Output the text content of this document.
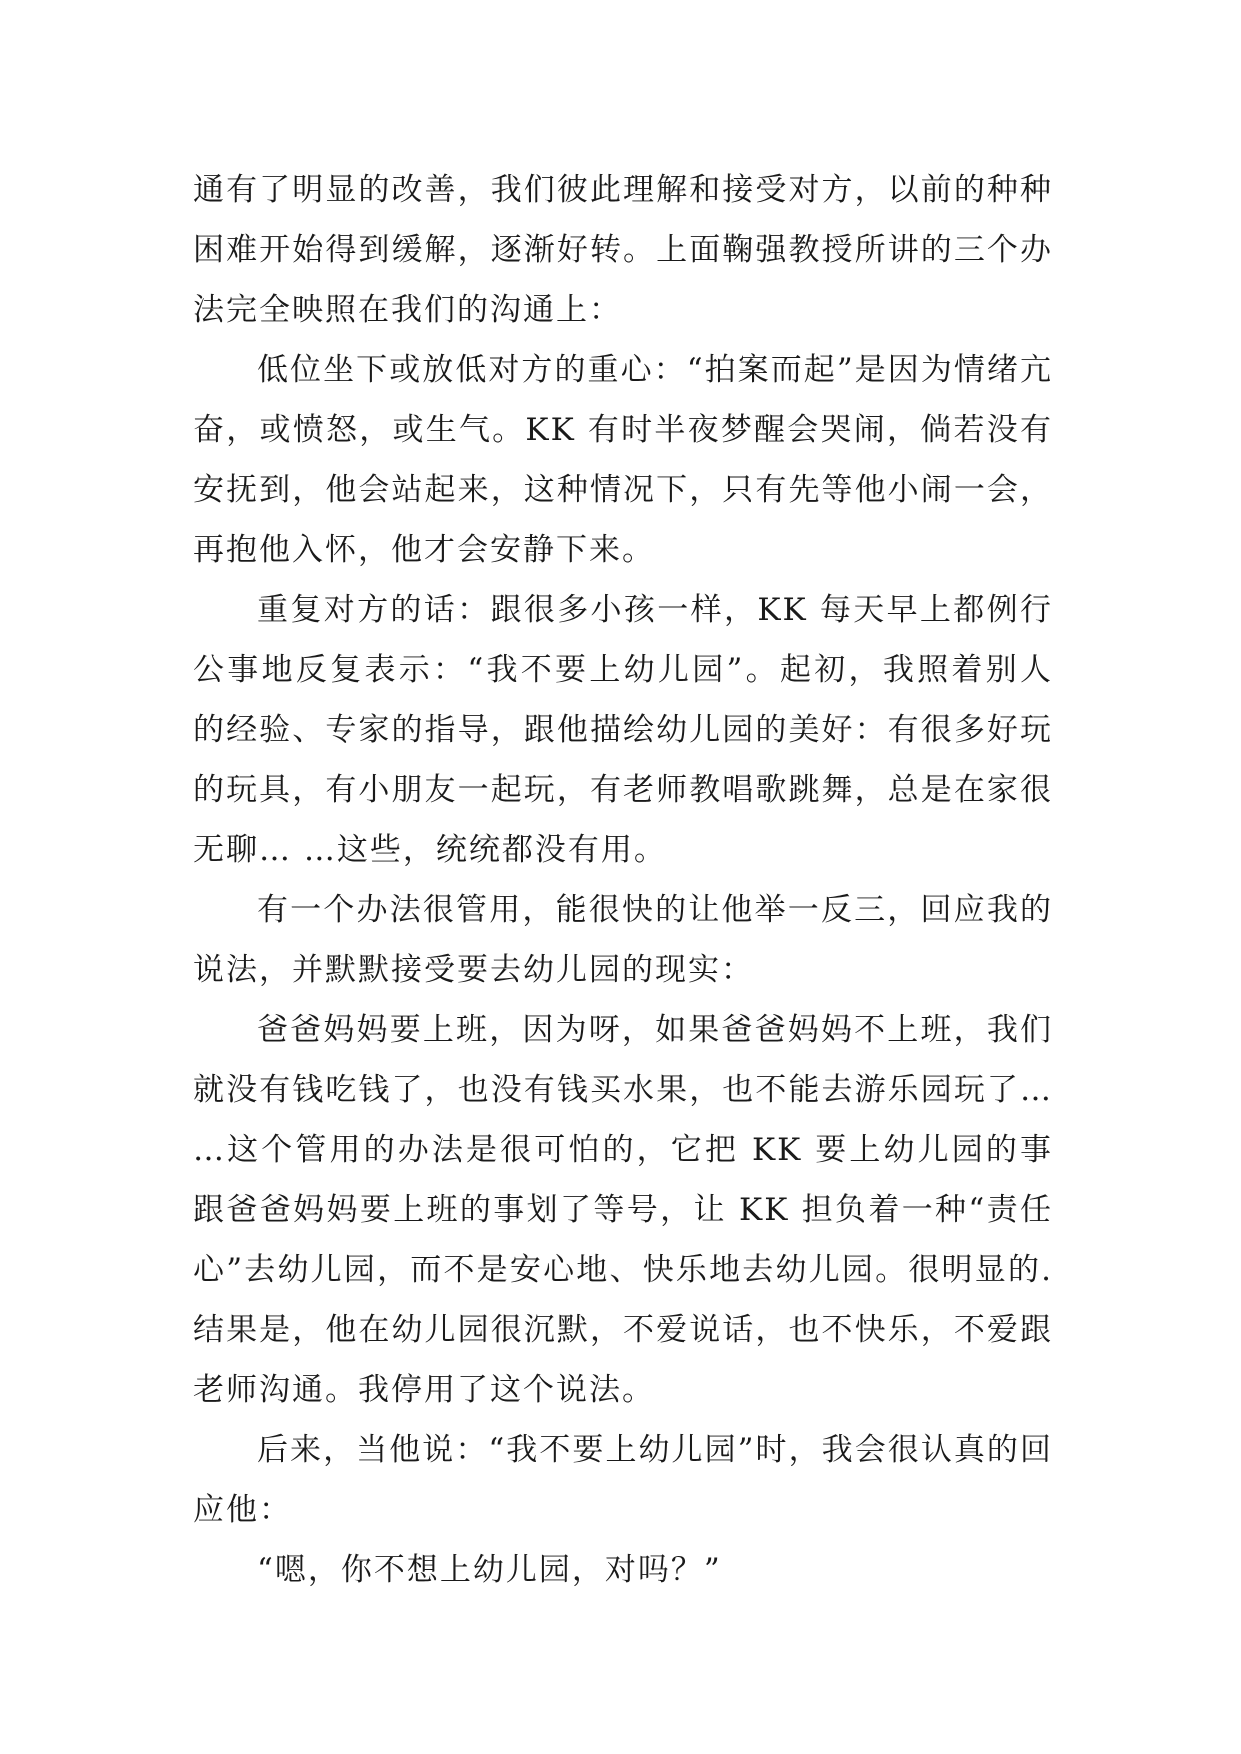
通有了明显的改善，我们彼此理解和接受对方，以前的种种困难开始得到缓解，逐渐好转。上面鞠强教授所讲的三个办法完全映照在我们的沟通上：

低位坐下或放低对方的重心：“拍案而起”是因为情绪亢奋，或愤怒，或生气。KK 有时半夜梦醒会哭闹，倘若没有安抚到，他会站起来，这种情况下，只有先等他小闹一会，再抱他入怀，他才会安静下来。

重复对方的话：跟很多小孩一样，KK 每天早上都例行公事地反复表示：“我不要上幼儿园”。起初，我照着别人的经验、专家的指导，跟他描绘幼儿园的美好：有很多好玩的玩具，有小朋友一起玩，有老师教唱歌跳舞，总是在家很无聊… …这些，统统都没有用。

有一个办法很管用，能很快的让他举一反三，回应我的说法，并默默接受要去幼儿园的现实：

爸爸妈妈要上班，因为呀，如果爸爸妈妈不上班，我们就没有钱吃钱了，也没有钱买水果，也不能去游乐园玩了… …这个管用的办法是很可怕的，它把 KK 要上幼儿园的事跟爸爸妈妈要上班的事划了等号，让 KK 担负着一种“责任心”去幼儿园，而不是安心地、快乐地去幼儿园。很明显的.结果是，他在幼儿园很沉默，不爱说话，也不快乐，不爱跟老师沟通。我停用了这个说法。

后来，当他说：“我不要上幼儿园”时，我会很认真的回应他：

“嗯，你不想上幼儿园，对吗？”
